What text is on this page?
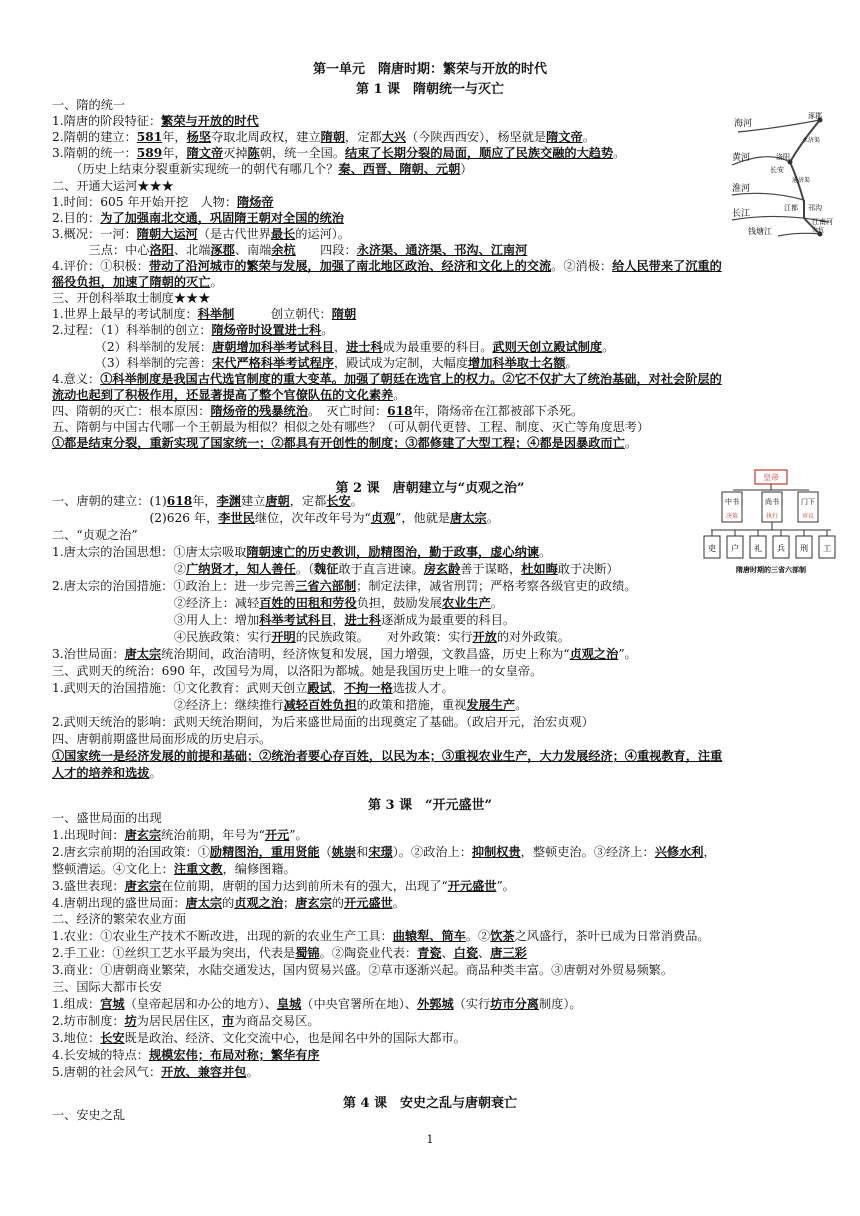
第一单元　隋唐时期：繁荣与开放的时代
第 1 课　隋朝统一与灭亡
一、隋的统一
1.隋唐的阶段特征：繁荣与开放的时代
2.隋朝的建立：581年，杨坚夺取北周政权，建立隋朝，定都大兴（今陕西西安），杨坚就是隋文帝。
3.隋朝的统一：589年，隋文帝灭掉陈朝，统一全国。结束了长期分裂的局面，顺应了民族交融的大趋势。
　　（历史上结束分裂重新实现统一的朝代有哪几个？秦、西晋、隋朝、元朝）
二、开通大运河★★★
1.时间：605 年开始开挖　人物：隋炀帝
2.目的：为了加强南北交通，巩固隋王朝对全国的统治
3.概况：一河：隋朝大运河（是古代世界最长的运河）。
　　　三点：中心洛阳、北端涿郡、南端余杭　　四段：永济渠、通济渠、邗沟、江南河
4.评价：①积极：带动了沿河城市的繁荣与发展，加强了南北地区政治、经济和文化上的交流。②消极：给人民带来了沉重的
徭役负担，加速了隋朝的灭亡。
三、开创科举取士制度★★★
1.世界上最早的考试制度：科举制　　　创立朝代：隋朝
2.过程：（1）科举制的创立：隋炀帝时设置进士科。
　　　　（2）科举制的发展：唐朝增加科举考试科目，进士科成为最重要的科目。武则天创立殿试制度。
　　　　（3）科举制的完善：宋代严格科举考试程序，殿试成为定制，大幅度增加科举取士名额。
4.意义：①科举制度是我国古代选官制度的重大变革。加强了朝廷在选官上的权力。②它不仅扩大了统治基础，对社会阶层的
流动也起到了积极作用，还显著提高了整个官僚队伍的文化素养。
四、隋朝的灭亡：根本原因：隋炀帝的残暴统治。　灭亡时间：618年，隋炀帝在江都被部下杀死。
五、隋朝与中国古代哪一个王朝最为相似？相似之处有哪些？（可从朝代更替、工程、制度、灭亡等角度思考）
①都是结束分裂，重新实现了国家统一；②都具有开创性的制度；③都修建了大型工程；④都是因暴政而亡。
第 2 课　唐朝建立与“贞观之治”
一、唐朝的建立：(1)618年，李渊建立唐朝，定都长安。
　　　　　　　　(2)626 年，李世民继位，次年改年号为“贞观”，他就是唐太宗。
二、“贞观之治”
1.唐太宗的治国思想：①唐太宗吸取隋朝速亡的历史教训，励精图治，勤于政事，虚心纳谏。
　　　　　　　　　　②广纳贤才，知人善任。（魏征敢于直言进谏。房玄龄善于谋略，杜如晦敢于决断）
2.唐太宗的治国措施：①政治上：进一步完善三省六部制；制定法律，减省刑罚；严格考察各级官吏的政绩。
　　　　　　　　　　②经济上：减轻百姓的田租和劳役负担，鼓励发展农业生产。
　　　　　　　　　　③用人上：增加科举考试科目，进士科逐渐成为最重要的科目。
　　　　　　　　　　④民族政策：实行开明的民族政策。　　对外政策：实行开放的对外政策。
3.治世局面：唐太宗统治期间，政治清明，经济恢复和发展，国力增强，文教昌盛，历史上称为“贞观之治”。
三、武则天的统治：690 年，改国号为周，以洛阳为都城。她是我国历史上唯一的女皇帝。
1.武则天的治国措施：①文化教育：武则天创立殿试，不拘一格选拔人才。
　　　　　　　　　　②经济上：继续推行减轻百姓负担的政策和措施，重视发展生产。
2.武则天统治的影响：武则天统治期间，为后来盛世局面的出现奠定了基础。（政启开元，治宏贞观）
四、唐朝前期盛世局面形成的历史启示。
①国家统一是经济发展的前提和基础；②统治者要心存百姓，以民为本；③重视农业生产，大力发展经济；④重视教育，注重
人才的培养和选拔。
第 3 课　“开元盛世”
一、盛世局面的出现
1.出现时间：唐玄宗统治前期，年号为“开元”。
2.唐玄宗前期的治国政策：①励精图治，重用贤能（姚崇和宋璟）。②政治上：抑制权贵，整顿吏治。③经济上：兴修水利，
整顿漕运。④文化上：注重文教，编修图籍。
3.盛世表现：唐玄宗在位前期，唐朝的国力达到前所未有的强大，出现了“开元盛世”。
4.唐朝出现的盛世局面：唐太宗的贞观之治；唐玄宗的开元盛世。
二、经济的繁荣农业方面
1.农业：①农业生产技术不断改进，出现的新的农业生产工具：曲辕犁、筒车。②饮茶之风盛行，茶叶已成为日常消费品。
2.手工业：①丝织工艺水平最为突出，代表是蜀锦。②陶瓷业代表：青瓷、白瓷、唐三彩
3.商业：①唐朝商业繁荣，水陆交通发达，国内贸易兴盛。②草市逐渐兴起。商品种类丰富。③唐朝对外贸易频繁。
三、国际大都市长安
1.组成：宫城（皇帝起居和办公的地方）、皇城（中央官署所在地）、外郭城（实行坊市分离制度）。
2.坊市制度：坊为居民居住区，市为商品交易区。
3.地位：长安既是政治、经济、文化交流中心，也是闻名中外的国际大都市。
4.长安城的特点：规模宏伟；布局对称；繁华有序
5.唐朝的社会风气：开放、兼容并包。
第 4 课　安史之乱与唐朝衰亡
一、安史之乱
海河
涿郡
黄河	洛阳
长安
淮河
江都 邗沟
长江
江南河
余杭
钱塘江
永济渠
通济渠
皇帝
中书	尚书	门下
决策	执行	审议
吏 户 礼 兵 刑 工
隋唐时期的三省六部制
1
